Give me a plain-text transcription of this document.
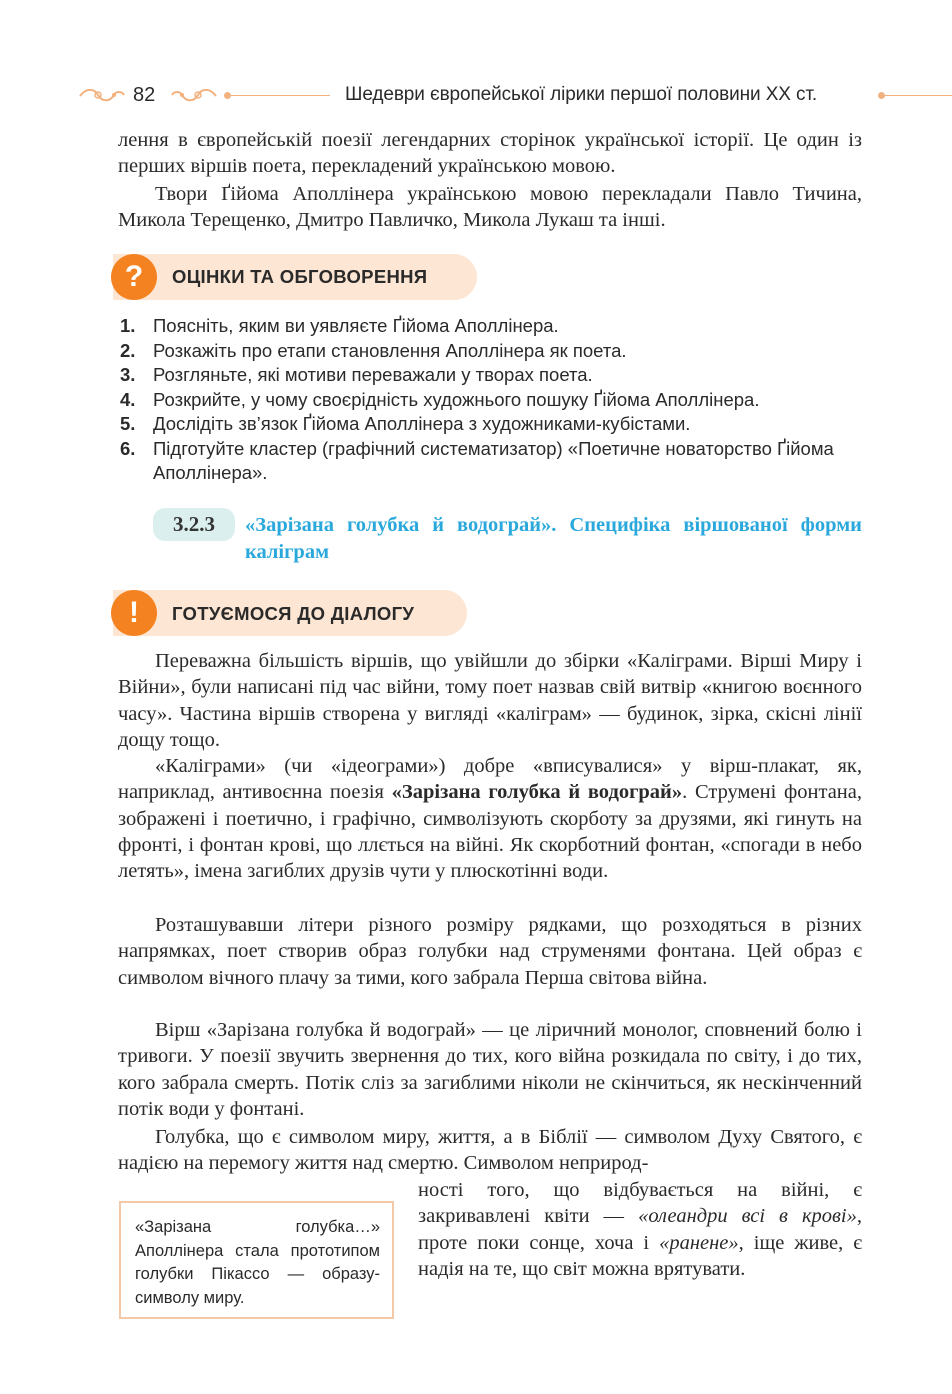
82	Шедеври європейської лірики першої половини XX ст.

лення в європейській поезії легендарних сторінок української історії. Це один із перших віршів поета, перекладений українською мовою.

Твори Ґійома Аполлінера українською мовою перекладали Павло Тичина, Микола Терещенко, Дмитро Павличко, Микола Лукаш та інші.

?	ОЦІНКИ ТА ОБГОВОРЕННЯ
1. Поясніть, яким ви уявляєте Ґійома Аполлінера.
2. Розкажіть про етапи становлення Аполлінера як поета.
3. Розгляньте, які мотиви переважали у творах поета.
4. Розкрийте, у чому своєрідність художнього пошуку Ґійома Аполлінера.
5. Дослідіть зв’язок Ґійома Аполлінера з художниками-кубістами.
6. Підготуйте кластер (графічний систематизатор) «Поетичне новаторство Ґійома Аполлінера».
3.2.3	«Зарізана голубка й водограй». Специфіка віршованої форми каліграм

!	ГОТУЄМОСЯ ДО ДІАЛОГУ

Переважна більшість віршів, що увійшли до збірки «Каліграми. Вірші Миру і Війни», були написані під час війни, тому поет назвав свій витвір «книгою воєнного часу». Частина віршів створена у вигляді «каліграм» — будинок, зірка, скісні лінії дощу тощо.

«Каліграми» (чи «ідеограми») добре «вписувалися» у вірш-плакат, як, наприклад, антивоєнна поезія «Зарізана голубка й водограй». Струмені фонтана, зображені і поетично, і графічно, символізують скорботу за друзями, які гинуть на фронті, і фонтан крові, що ллється на війні. Як скорботний фонтан, «спогади в небо летять», імена загиблих друзів чути у плюскотінні води.

Розташувавши літери різного розміру рядками, що розходяться в різних напрямках, поет створив образ голубки над струменями фонтана. Цей образ є символом вічного плачу за тими, кого забрала Перша світова війна.

Вірш «Зарізана голубка й водограй» — це ліричний монолог, сповнений болю і тривоги. У поезії звучить звернення до тих, кого війна розкидала по світу, і до тих, кого забрала смерть. Потік сліз за загиблими ніколи не скінчиться, як нескінченний потік води у фонтані.

Голубка, що є символом миру, життя, а в Біблії — символом Духу Святого, є надією на перемогу життя над смертю. Символом неприрод-

ності того, що відбувається на війні, є закривавлені квіти — «олеандри всі в крові», проте поки сонце, хоча і «ранене», іще живе, є надія на те, що світ можна врятувати.

«Зарізана голубка…» Аполлінера стала прототипом голубки Пікассо — образу-символу миру.
